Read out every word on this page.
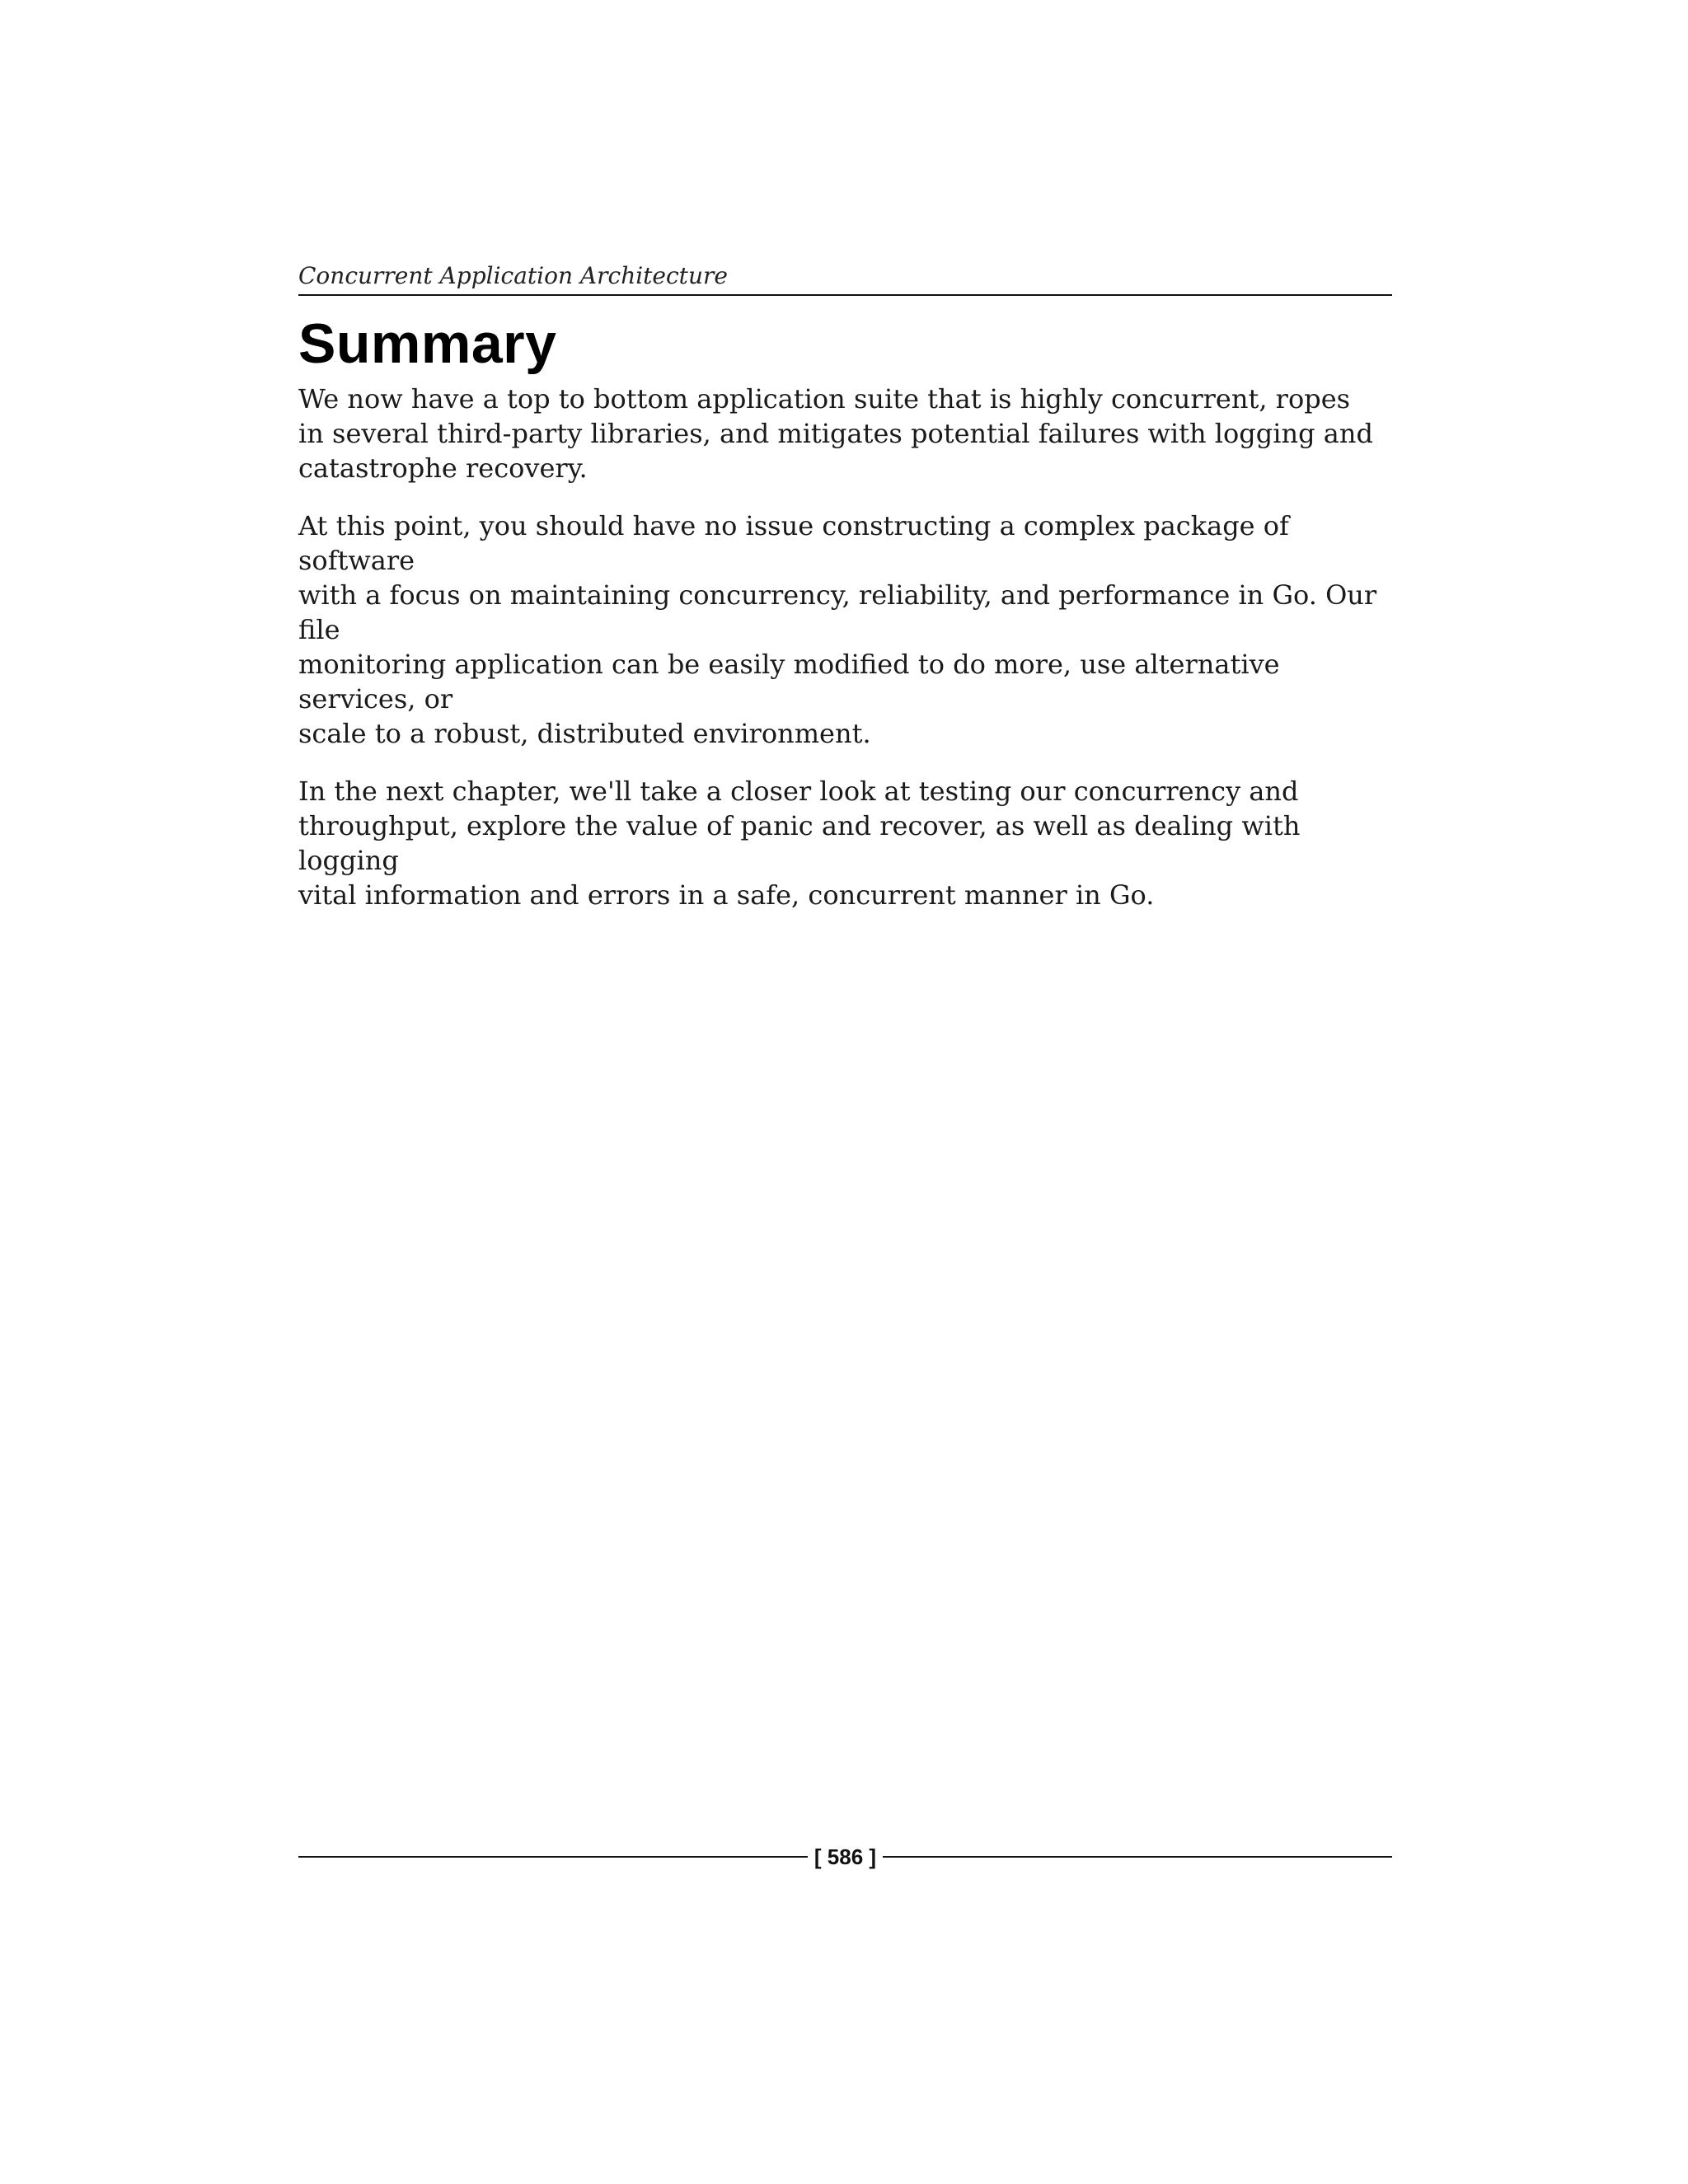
Concurrent Application Architecture
Summary

We now have a top to bottom application suite that is highly concurrent, ropes
in several third-party libraries, and mitigates potential failures with logging and
catastrophe recovery.

At this point, you should have no issue constructing a complex package of software
with a focus on maintaining concurrency, reliability, and performance in Go. Our file
monitoring application can be easily modified to do more, use alternative services, or
scale to a robust, distributed environment.

In the next chapter, we'll take a closer look at testing our concurrency and
throughput, explore the value of panic and recover, as well as dealing with logging
vital information and errors in a safe, concurrent manner in Go.

[ 586 ]
